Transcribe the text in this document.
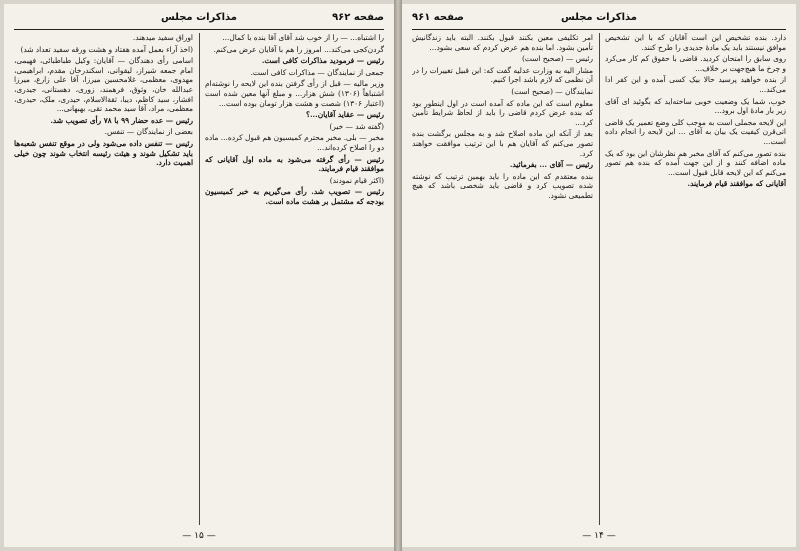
صفحه ۹۶۲
مذاکرات مجلس

را اشتباه... — را از خوب شد آقای آقا بنده با کمال...

گردن‌کجی می‌کند... امروز را هم با آقایان عرض می‌کنم.

رئیس — فرمودید مذاکرات کافی است.

جمعی از نمایندگان — مذاکرات کافی است.

وزیر مالیه — قبل از رأی گرفتن بنده این لایحه را نوشته‌ام اشتباهاً (۱۳۰۶) شش هزار... و مبلغ آنها معین شده است (اعتبار ۱۳۰۶) شصت و هشت هزار تومان بوده است...

رئیس — عقاید آقایان...؟

(گفته شد — خیر)

مخبر — بلی. مخبر محترم کمیسیون هم قبول کرده... ماده دو را اصلاح کرده‌اند...

رئیس — رأی گرفته می‌شود به ماده اول آقایانی که موافقند قیام فرمایند.

(اکثر قیام نمودند)

رئیس — تصویب شد. رأی می‌گیریم به خبر کمیسیون بودجه که مشتمل بر هشت ماده است.

اوراق سفید میدهند.

(اخذ آراء بعمل آمده هفتاد و هشت ورقه سفید تعداد شد)

اسامی رأی دهندگان — آقایان: وکیل طباطبائی، فهیمی، امام جمعه شیراز، لیقوانی، اسکندرخان مقدم، ابراهیمی، مهدوی، معظمی، غلامحسین میرزا، آقا علی زارع، میرزا عبدالله خان، وثوق، فرهمند، زوری، دهستانی، جیدری، افشار، سید کاظم، دیبا، ثقة‌الاسلام، حیدری، ملک، حیدری، معظمی، مراد، آقا سید محمد تقی، بهبهانی...

رئیس — عده حضار ۹۹ با ۷۸ رأی تصویب شد.

بعضی از نمایندگان — تنفس.

رئیس — تنفس داده می‌شود ولی در موقع تنفس شعبه‌ها باید تشکیل شوند و هیئت رئیسه انتخاب شوند چون خیلی اهمیت دارد.

— ۱۵ —
صفحه ۹۶۱	مذاکرات مجلس

دارد. بنده تشخیص این است آقایان که با این تشخیص موافق نیستند باید یک مادهٔ جدیدی را طرح کنند.

روی سابق را امتحان کردید. قاضی با حقوق کم کار می‌کرد و چرخ ما هیچ‌جهت بر خلاف...

از بنده خواهید پرسید حالا بیک کسی آمده و این کفر ادا می‌کند...

خوب، شما یک وضعیت خوبی ساخته‌اید که بگوئید ای آقای زیر بار مادهٔ اول برود...

این لایحه مجملی است به موجب کلی وضع تعمیر یک قاضی اتی‌قرن کیفیت یک بیان به آقای ... این لایحه را انجام داده است...

بنده تصور می‌کنم که آقای مخبر هم نظرشان این بود که یک ماده اضافه کنند و از این جهت آمده که بنده هم تصور می‌کنم که این لایحه قابل قبول است...

آقایانی که موافقند قیام فرمایند.

امر تکلیفی معین بکنند قبول بکنند. البته باید زندگانیش تأمین بشود. اما بنده هم عرض کردم که سعی بشود...

رئیس — (صحیح است)

مشار الیه به وزارت عدلیه گفت که: این قبیل تغییرات را در آن نظمی که لازم باشد اجرا کنیم.

نمایندگان — (صحیح است)

معلوم است که این ماده که آمده است در اول اینطور بود که بنده عرض کردم قاضی را باید از لحاظ شرایط تأمین کرد...

بعد از آنکه این ماده اصلاح شد و به مجلس برگشت بنده تصور می‌کنم که آقایان هم با این ترتیب موافقت خواهند کرد.

رئیس — آقای ... بفرمائید.

بنده معتقدم که این ماده را باید بهمین ترتیب که نوشته شده تصویب کرد و قاضی باید شخصی باشد که هیچ تطمیعی نشود.

— ۱۴ —
